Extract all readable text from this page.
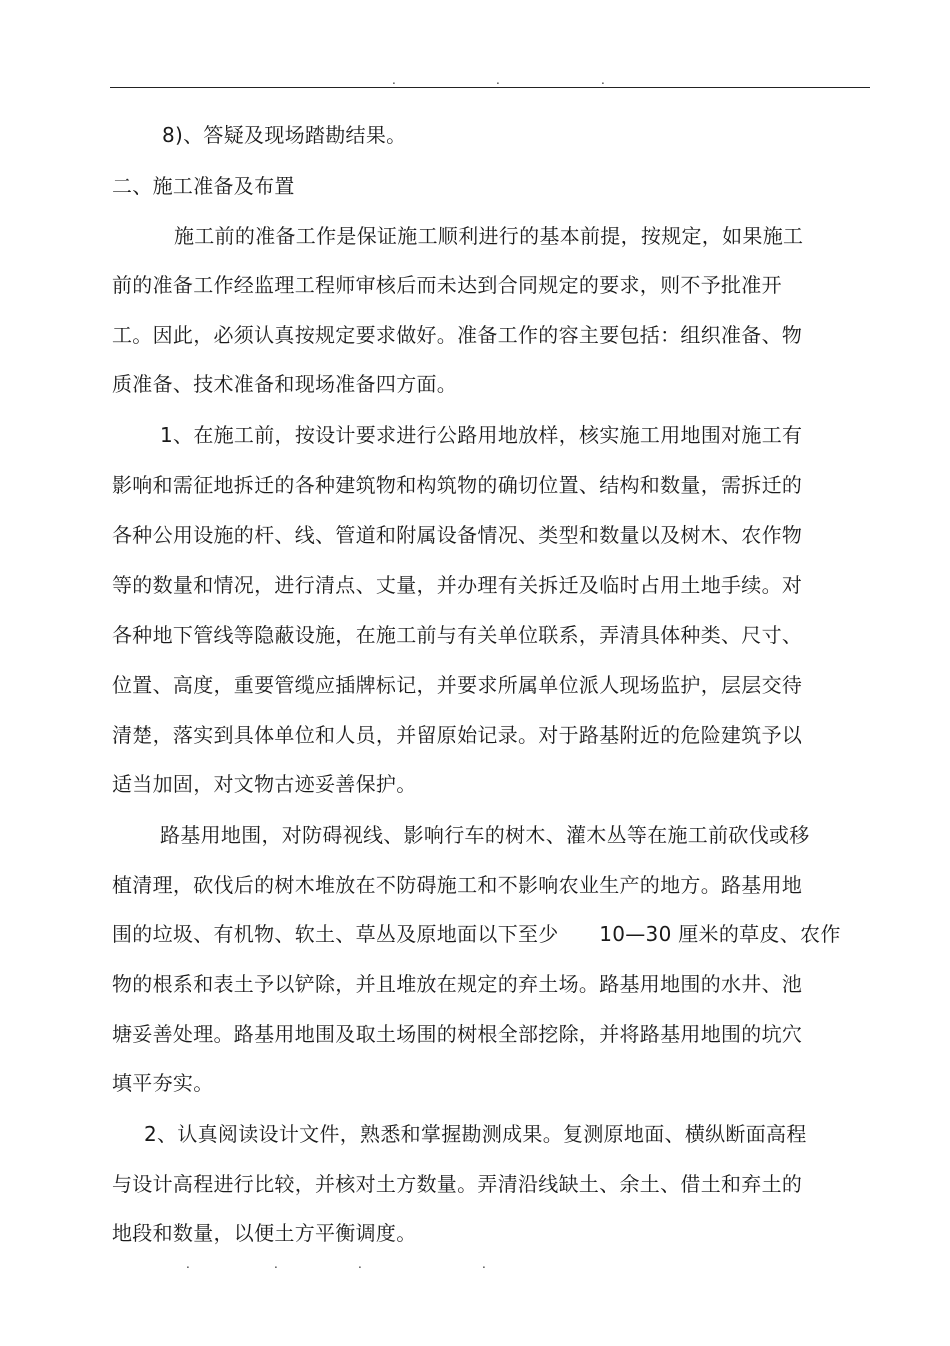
.	.	.
8)、答疑及现场踏勘结果。
二、施工准备及布置
施工前的准备工作是保证施工顺利进行的基本前提，按规定，如果施工
前的准备工作经监理工程师审核后而未达到合同规定的要求，则不予批准开
工。因此，必须认真按规定要求做好。准备工作的容主要包括：组织准备、物
质准备、技术准备和现场准备四方面。
1、在施工前，按设计要求进行公路用地放样，核实施工用地围对施工有
影响和需征地拆迁的各种建筑物和构筑物的确切位置、结构和数量，需拆迁的
各种公用设施的杆、线、管道和附属设备情况、类型和数量以及树木、农作物
等的数量和情况，进行清点、丈量，并办理有关拆迁及临时占用土地手续。对
各种地下管线等隐蔽设施，在施工前与有关单位联系，弄清具体种类、尺寸、
位置、高度，重要管缆应插牌标记，并要求所属单位派人现场监护，层层交待
清楚，落实到具体单位和人员，并留原始记录。对于路基附近的危险建筑予以
适当加固，对文物古迹妥善保护。
路基用地围，对防碍视线、影响行车的树木、灌木丛等在施工前砍伐或移
植清理，砍伐后的树木堆放在不防碍施工和不影响农业生产的地方。路基用地
围的垃圾、有机物、软土、草丛及原地面以下至少　　10—30 厘米的草皮、农作
物的根系和表土予以铲除，并且堆放在规定的弃土场。路基用地围的水井、池
塘妥善处理。路基用地围及取土场围的树根全部挖除，并将路基用地围的坑穴
填平夯实。
2、认真阅读设计文件，熟悉和掌握勘测成果。复测原地面、横纵断面高程
与设计高程进行比较，并核对土方数量。弄清沿线缺土、余土、借土和弃土的
地段和数量，以便土方平衡调度。
.	.	.	.
